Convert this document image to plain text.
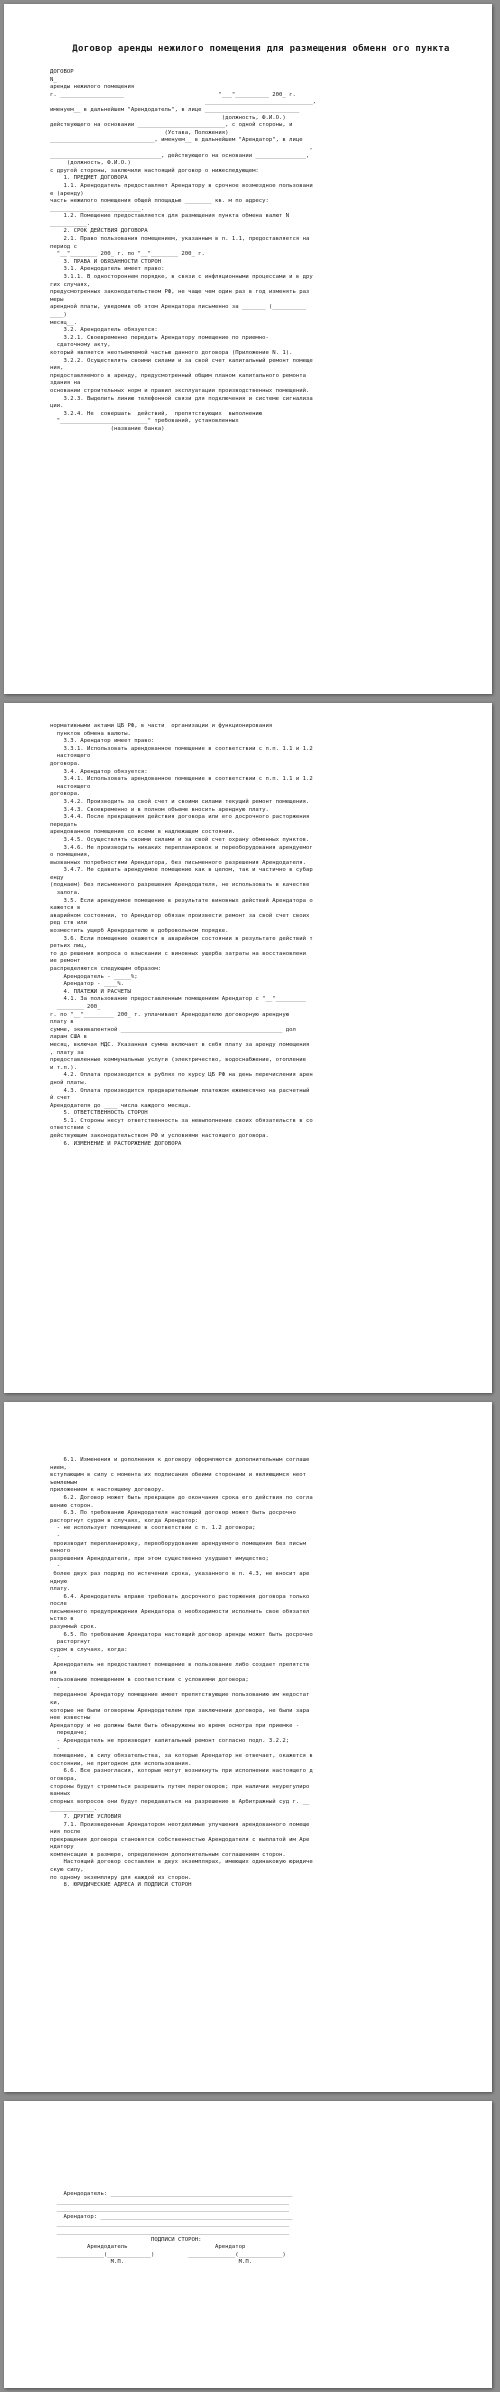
Договор аренды нежилого помещения для размещения обменн ого пункта
ДОГОВОР
N_
аренды нежилого помещения
г. ___________________                            "___"__________ 200_ г.
________________________________,
именуем__ в дальнейшем "Арендодатель", в лице ____________________________
(должность, Ф.И.О.)
действующего на основании __________________________, с одной стороны, и
(Устава, Положения)
_______________________________, именуем__ в дальнейшем "Арендатор", в лице
,
_________________________________, действующего на основании _______________,
(должность, Ф.И.О.)
с другой стороны, заключили настоящий договор о нижеследующем:
1. ПРЕДМЕТ ДОГОВОРА
1.1. Арендодатель предоставляет Арендатору в срочное возмездное пользовани
е (аренду)
часть нежилого помещения общей площадью ________ кв. м по адресу:
___________________________.
1.2. Помещение предоставляется для размещения пункта обмена валют N
___________.
2. СРОК ДЕЙСТВИЯ ДОГОВОРА
2.1. Право пользования помещением, указанным в п. 1.1, предоставляется на
период с
"__"________ 200_ г. по "__"________ 200_ г.
3. ПРАВА И ОБЯЗАННОСТИ СТОРОН
3.1. Арендодатель имеет право:
3.1.1. В одностороннем порядке, в связи с инфляционными процессами и в дру
гих случаях,
предусмотренных законодательством РФ, не чаще чем один раз в год изменять раз
меры
арендной платы, уведомив об этом Арендатора письменно за _______ (__________
____)
месяц__.
3.2. Арендодатель обязуется:
3.2.1. Своевременно передать Арендатору помещение по приемно-
сдаточному акту,
который является неотъемлемой частью данного договора (Приложение N. 1).
3.2.2. Осуществлять своими силами и за свой счет капитальный ремонт помеще
ния,
предоставляемого в аренду, предусмотренный общим планом капитального ремонта
здания на
основании строительных норм и правил эксплуатации производственных помещений.
3.2.3. Выделить линию телефонной связи для подключения и системе сигнализа
ции.
3.2.4. Не  совершать  действий,  препятствующих  выполнению
"__________________________" требований, установленных
(название банка)
нормативными актами ЦБ РФ, в части  организации и функционирования
пунктов обмена валюты.
3.3. Арендатор имеет право:
3.3.1. Использовать арендованное помещение в соответствии с п.п. 1.1 и 1.2
настоящего
договора.
3.4. Арендатор обязуется:
3.4.1. Использовать арендованное помещение в соответствии с п.п. 1.1 и 1.2
настоящего
договора.
3.4.2. Производить за свой счет и своими силами текущий ремонт помещения.
3.4.3. Своевременно и в полном объеме вносить арендную плату.
3.4.4. После прекращения действия договора или его досрочного расторжения
передать
арендованное помещение со всеми в надлежащем состоянии.
3.4.5. Осуществлять своими силами и за свой счет охрану обменных пунктов.
3.4.6. Не производить никаких перепланировок и переоборудования арендуемог
о помещения,
вызванных потребностями Арендатора, без письменного разрешения Арендодателя.
3.4.7. Не сдавать арендуемое помещение как в целом, так и частично в субар
енду
(поднаем) без письменного разрешения Арендодателя, не использовать в качестве
залога.
3.5. Если арендуемое помещение в результате виновных действий Арендатора о
кажется в
аварийном состоянии, то Арендатор обязан произвести ремонт за свой счет своих
ред ств или
возместить ущерб Арендодателю в добровольном порядке.
3.6. Если помещение окажется в аварийном состоянии в результате действий т
ретьих лиц,
то до решения вопроса о взыскании с виновных ущерба затраты на восстановлени
ие ремонт
распределяются следующим образом:
Арендодатель - _____%;
Арендатор - ____%.
4. ПЛАТЕЖИ И РАСЧЕТЫ
4.1. За пользование предоставленным помещением Арендатор с "__"_________
________ 200_
г. по "__"_________ 200_ г. уплачивает Арендодателю договорную арендную
плату в
сумме, эквивалентной ________________________________________________ дол
ларам США в
месяц, включая НДС. Указанная сумма включает в себя плату за аренду помещения
, плату за
предоставленные коммунальные услуги (электричество, водоснабжение, отопление
и т.п.).
4.2. Оплата производится в рублях по курсу ЦБ РФ на день перечисления арен
дной платы.
4.3. Оплата производится предварительным платежом ежемесячно на расчетный
й счет
Арендодателя до ____ числа каждого месяца.
5. ОТВЕТСТВЕННОСТЬ СТОРОН
5.1. Стороны несут ответственность за невыполнение своих обязательств в со
ответствии с
действующим законодательством РФ и условиями настоящего договора.
6. ИЗМЕНЕНИЕ И РАСТОРЖЕНИЕ ДОГОВОРА
6.1. Изменения и дополнения к договору оформляются дополнительным соглаше
нием,
вступающим в силу с момента их подписания обеими сторонами и являющимся неот
ъемлемым
приложением к настоящему договору.
6.2. Договор может быть прекращен до окончания срока его действия по согла
шению сторон.
6.3. По требованию Арендодателя настоящий договор может быть досрочно
расторгнут судом в случаях, когда Арендатор:
- не использует помещение в соответствии с п. 1.2 договора;
-
производит перепланировку, переоборудование арендуемого помещения без письм
енного
разрешения Арендодателя, при этом существенно ухудшает имущество;
-
более двух раз подряд по истечении срока, указанного в п. 4.3, не вносит аре
ндную
плату.
6.4. Арендодатель вправе требовать досрочного расторжения договора только
после
письменного предупреждения Арендатора о необходимости исполнить свое обязател
ьство в
разумный срок.
6.5. По требованию Арендатора настоящий договор аренды может быть досрочно
расторгнут
судом в случаях, когда:
-
Арендодатель не предоставляет помещение в пользование либо создает препятств
ия
пользованию помещением в соответствии с условиями договора;
-
переданное Арендатору помещение имеет препятствующие пользованию им недостат
ки,
которые не были оговорены Арендодателем при заключении договора, не были зара
нее известны
Арендатору и не должны были быть обнаружены во время осмотра при приемке -
передаче;
- Арендодатель не производит капитальный ремонт согласно подп. 3.2.2;
-
помещение, в силу обязательства, за которые Арендатор не отвечает, окажется в
состоянии, не пригодном для использования.
6.6. Все разногласия, которые могут возникнуть при исполнении настоящего д
оговора,
стороны будут стремиться разрешить путем переговоров; при наличии неурегулиро
ванных
спорных вопросов они будут передаваться на разрешение в Арбитражный суд г. __
_____________.
7. ДРУГИЕ УСЛОВИЯ
7.1. Произведенные Арендатором неотделимые улучшения арендованного помеще
ния после
прекращения договора становятся собственностью Арендодателя с выплатой им Аре
ндатору
компенсации в размере, определенном дополнительным соглашением сторон.
Настоящий договор составлен в двух экземплярах, имеющих одинаковую юридиче
скую силу,
по одному экземпляру для каждой из сторон.
8. ЮРИДИЧЕСКИЕ АДРЕСА И ПОДПИСИ СТОРОН
Арендодатель: ______________________________________________________
_____________________________________________________________________
_____________________________________________________________________
Арендатор: _________________________________________________________
_____________________________________________________________________
_____________________________________________________________________
ПОДПИСИ СТОРОН:
Арендодатель                          Арендатор
______________(_____________)          ______________(_____________)
М.П.                                  М.П.
